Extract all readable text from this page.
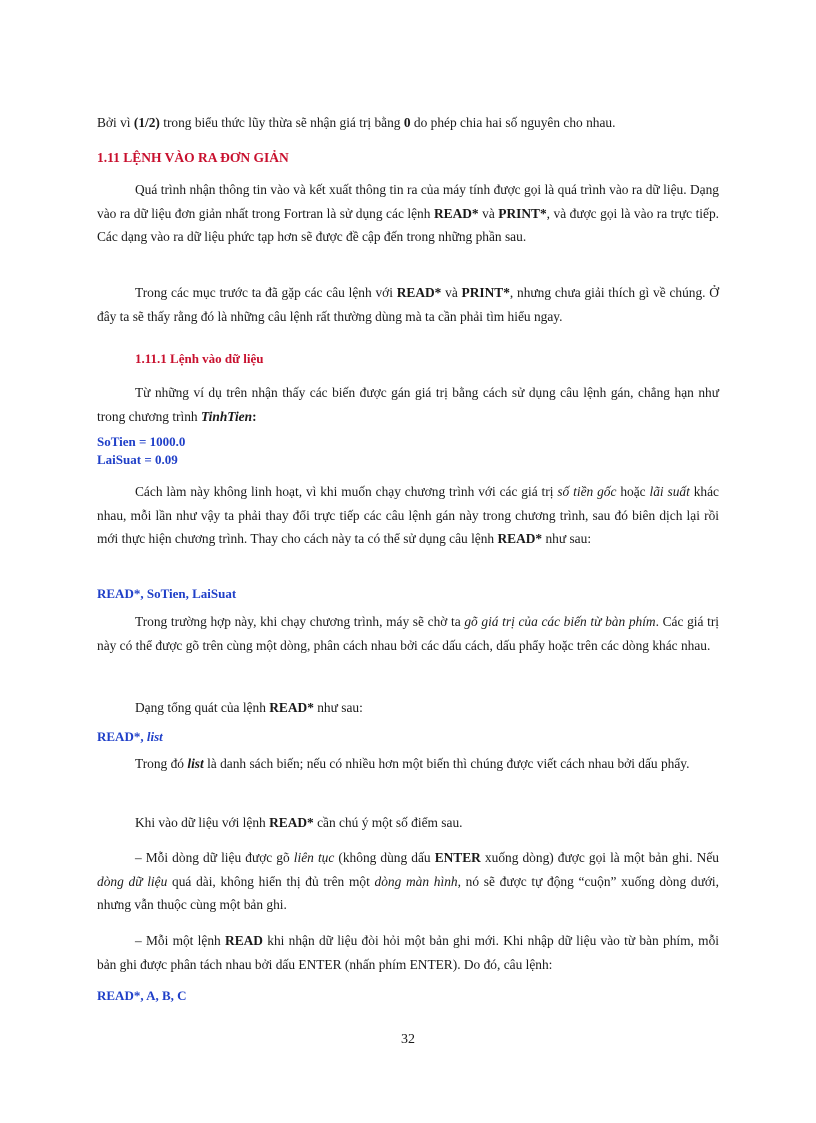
Bởi vì (1/2) trong biểu thức lũy thừa sẽ nhận giá trị bằng 0 do phép chia hai số nguyên cho nhau.

1.11 LỆNH VÀO RA ĐƠN GIẢN

Quá trình nhận thông tin vào và kết xuất thông tin ra của máy tính được gọi là quá trình vào ra dữ liệu. Dạng vào ra dữ liệu đơn giản nhất trong Fortran là sử dụng các lệnh READ* và PRINT*, và được gọi là vào ra trực tiếp. Các dạng vào ra dữ liệu phức tạp hơn sẽ được đề cập đến trong những phần sau.

Trong các mục trước ta đã gặp các câu lệnh với READ* và PRINT*, nhưng chưa giải thích gì về chúng. Ở đây ta sẽ thấy rằng đó là những câu lệnh rất thường dùng mà ta cần phải tìm hiểu ngay.

1.11.1 Lệnh vào dữ liệu

Từ những ví dụ trên nhận thấy các biến được gán giá trị bằng cách sử dụng câu lệnh gán, chẳng hạn như trong chương trình TinhTien:

SoTien = 1000.0

LaiSuat = 0.09

Cách làm này không linh hoạt, vì khi muốn chạy chương trình với các giá trị số tiền gốc hoặc lãi suất khác nhau, mỗi lần như vậy ta phải thay đổi trực tiếp các câu lệnh gán này trong chương trình, sau đó biên dịch lại rồi mới thực hiện chương trình. Thay cho cách này ta có thể sử dụng câu lệnh READ* như sau:

READ*, SoTien, LaiSuat

Trong trường hợp này, khi chạy chương trình, máy sẽ chờ ta gõ giá trị của các biến từ bàn phím. Các giá trị này có thể được gõ trên cùng một dòng, phân cách nhau bởi các dấu cách, dấu phẩy hoặc trên các dòng khác nhau.

Dạng tổng quát của lệnh READ* như sau:

READ*, list

Trong đó list là danh sách biến; nếu có nhiều hơn một biến thì chúng được viết cách nhau bởi dấu phẩy.

Khi vào dữ liệu với lệnh READ* cần chú ý một số điểm sau.

– Mỗi dòng dữ liệu được gõ liên tục (không dùng dấu ENTER xuống dòng) được gọi là một bản ghi. Nếu dòng dữ liệu quá dài, không hiển thị đủ trên một dòng màn hình, nó sẽ được tự động “cuộn” xuống dòng dưới, nhưng vẫn thuộc cùng một bản ghi.

– Mỗi một lệnh READ khi nhận dữ liệu đòi hỏi một bản ghi mới. Khi nhập dữ liệu vào từ bàn phím, mỗi bản ghi được phân tách nhau bởi dấu ENTER (nhấn phím ENTER). Do đó, câu lệnh:

READ*, A, B, C

32
